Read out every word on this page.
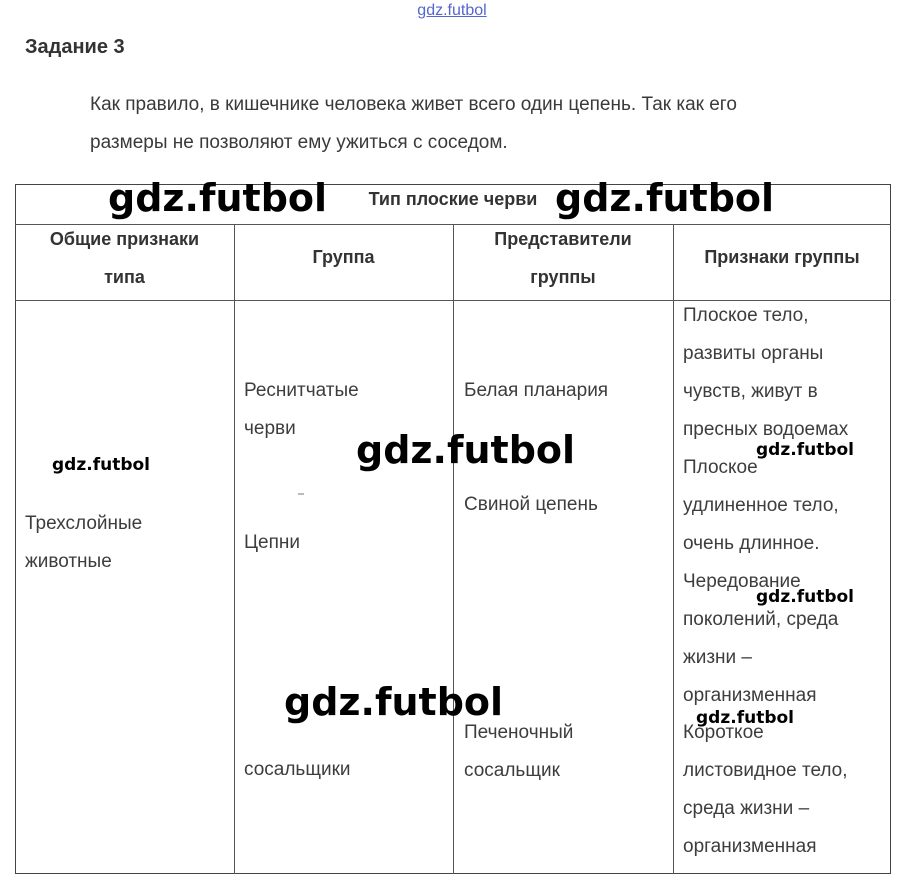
gdz.futbol
Задание 3
Как правило, в кишечнике человека живет всего один цепень. Так как его
размеры не позволяют ему ужиться с соседом.
Тип плоские черви
Общие признаки
типа
Группа
Представители
группы
Признаки группы
Трехслойные
животные
Реснитчатые
черви
Белая планария
Плоское тело,
развиты органы
чувств, живут в
пресных водоемах
Цепни
Свиной цепень
Плоское
удлиненное тело,
очень длинное.
Чередование
поколений, среда
жизни –
организменная
сосальщики
Печеночный
сосальщик
Короткое
листовидное тело,
среда жизни –
организменная
gdz.futbol	gdz.futbol
gdz.futbol
gdz.futbol
gdz.futbol
gdz.futbol
gdz.futbol
gdz.futbol
